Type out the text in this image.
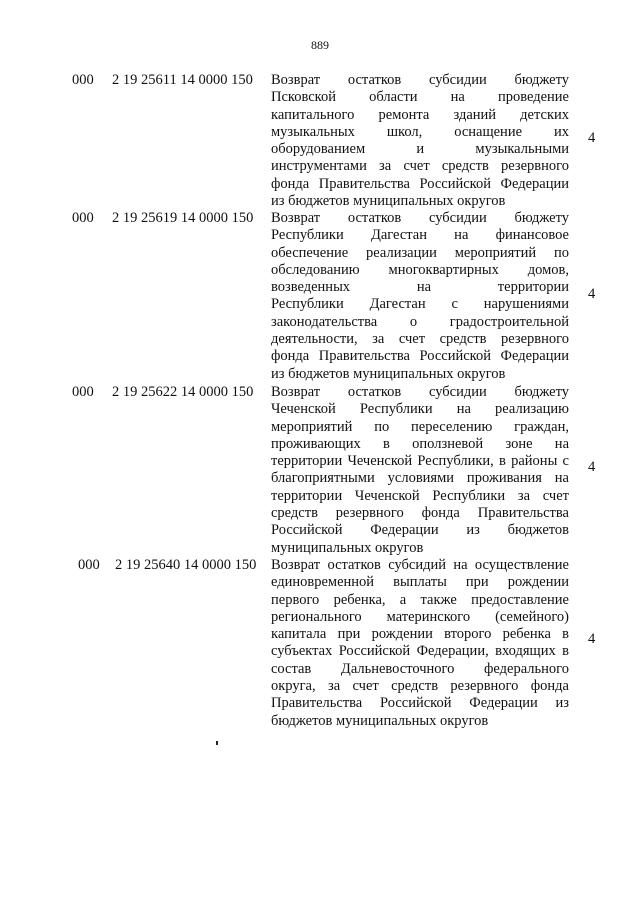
889
000 2 19 25611 14 0000 150 Возврат остатков субсидии бюджету
Псковской области на проведение
капитального ремонта зданий детских
музыкальных школ, оснащение их
оборудованием и музыкальными
инструментами за счет средств резервного
фонда Правительства Российской Федерации
из бюджетов муниципальных округов
4
000 2 19 25619 14 0000 150 Возврат остатков субсидии бюджету
Республики Дагестан на финансовое
обеспечение реализации мероприятий по
обследованию многоквартирных домов,
возведенных на территории
Республики Дагестан с нарушениями
законодательства о градостроительной
деятельности, за счет средств резервного
фонда Правительства Российской Федерации
из бюджетов муниципальных округов
4
000 2 19 25622 14 0000 150 Возврат остатков субсидии бюджету
Чеченской Республики на реализацию
мероприятий по переселению граждан,
проживающих в оползневой зоне на
территории Чеченской Республики, в районы с
благоприятными условиями проживания на
территории Чеченской Республики за счет
средств резервного фонда Правительства
Российской Федерации из бюджетов
муниципальных округов
4
000 2 19 25640 14 0000 150 Возврат остатков субсидий на осуществление
единовременной выплаты при рождении
первого ребенка, а также предоставление
регионального материнского (семейного)
капитала при рождении второго ребенка в
субъектах Российской Федерации, входящих в
состав Дальневосточного федерального
округа, за счет средств резервного фонда
Правительства Российской Федерации из
бюджетов муниципальных округов
4
